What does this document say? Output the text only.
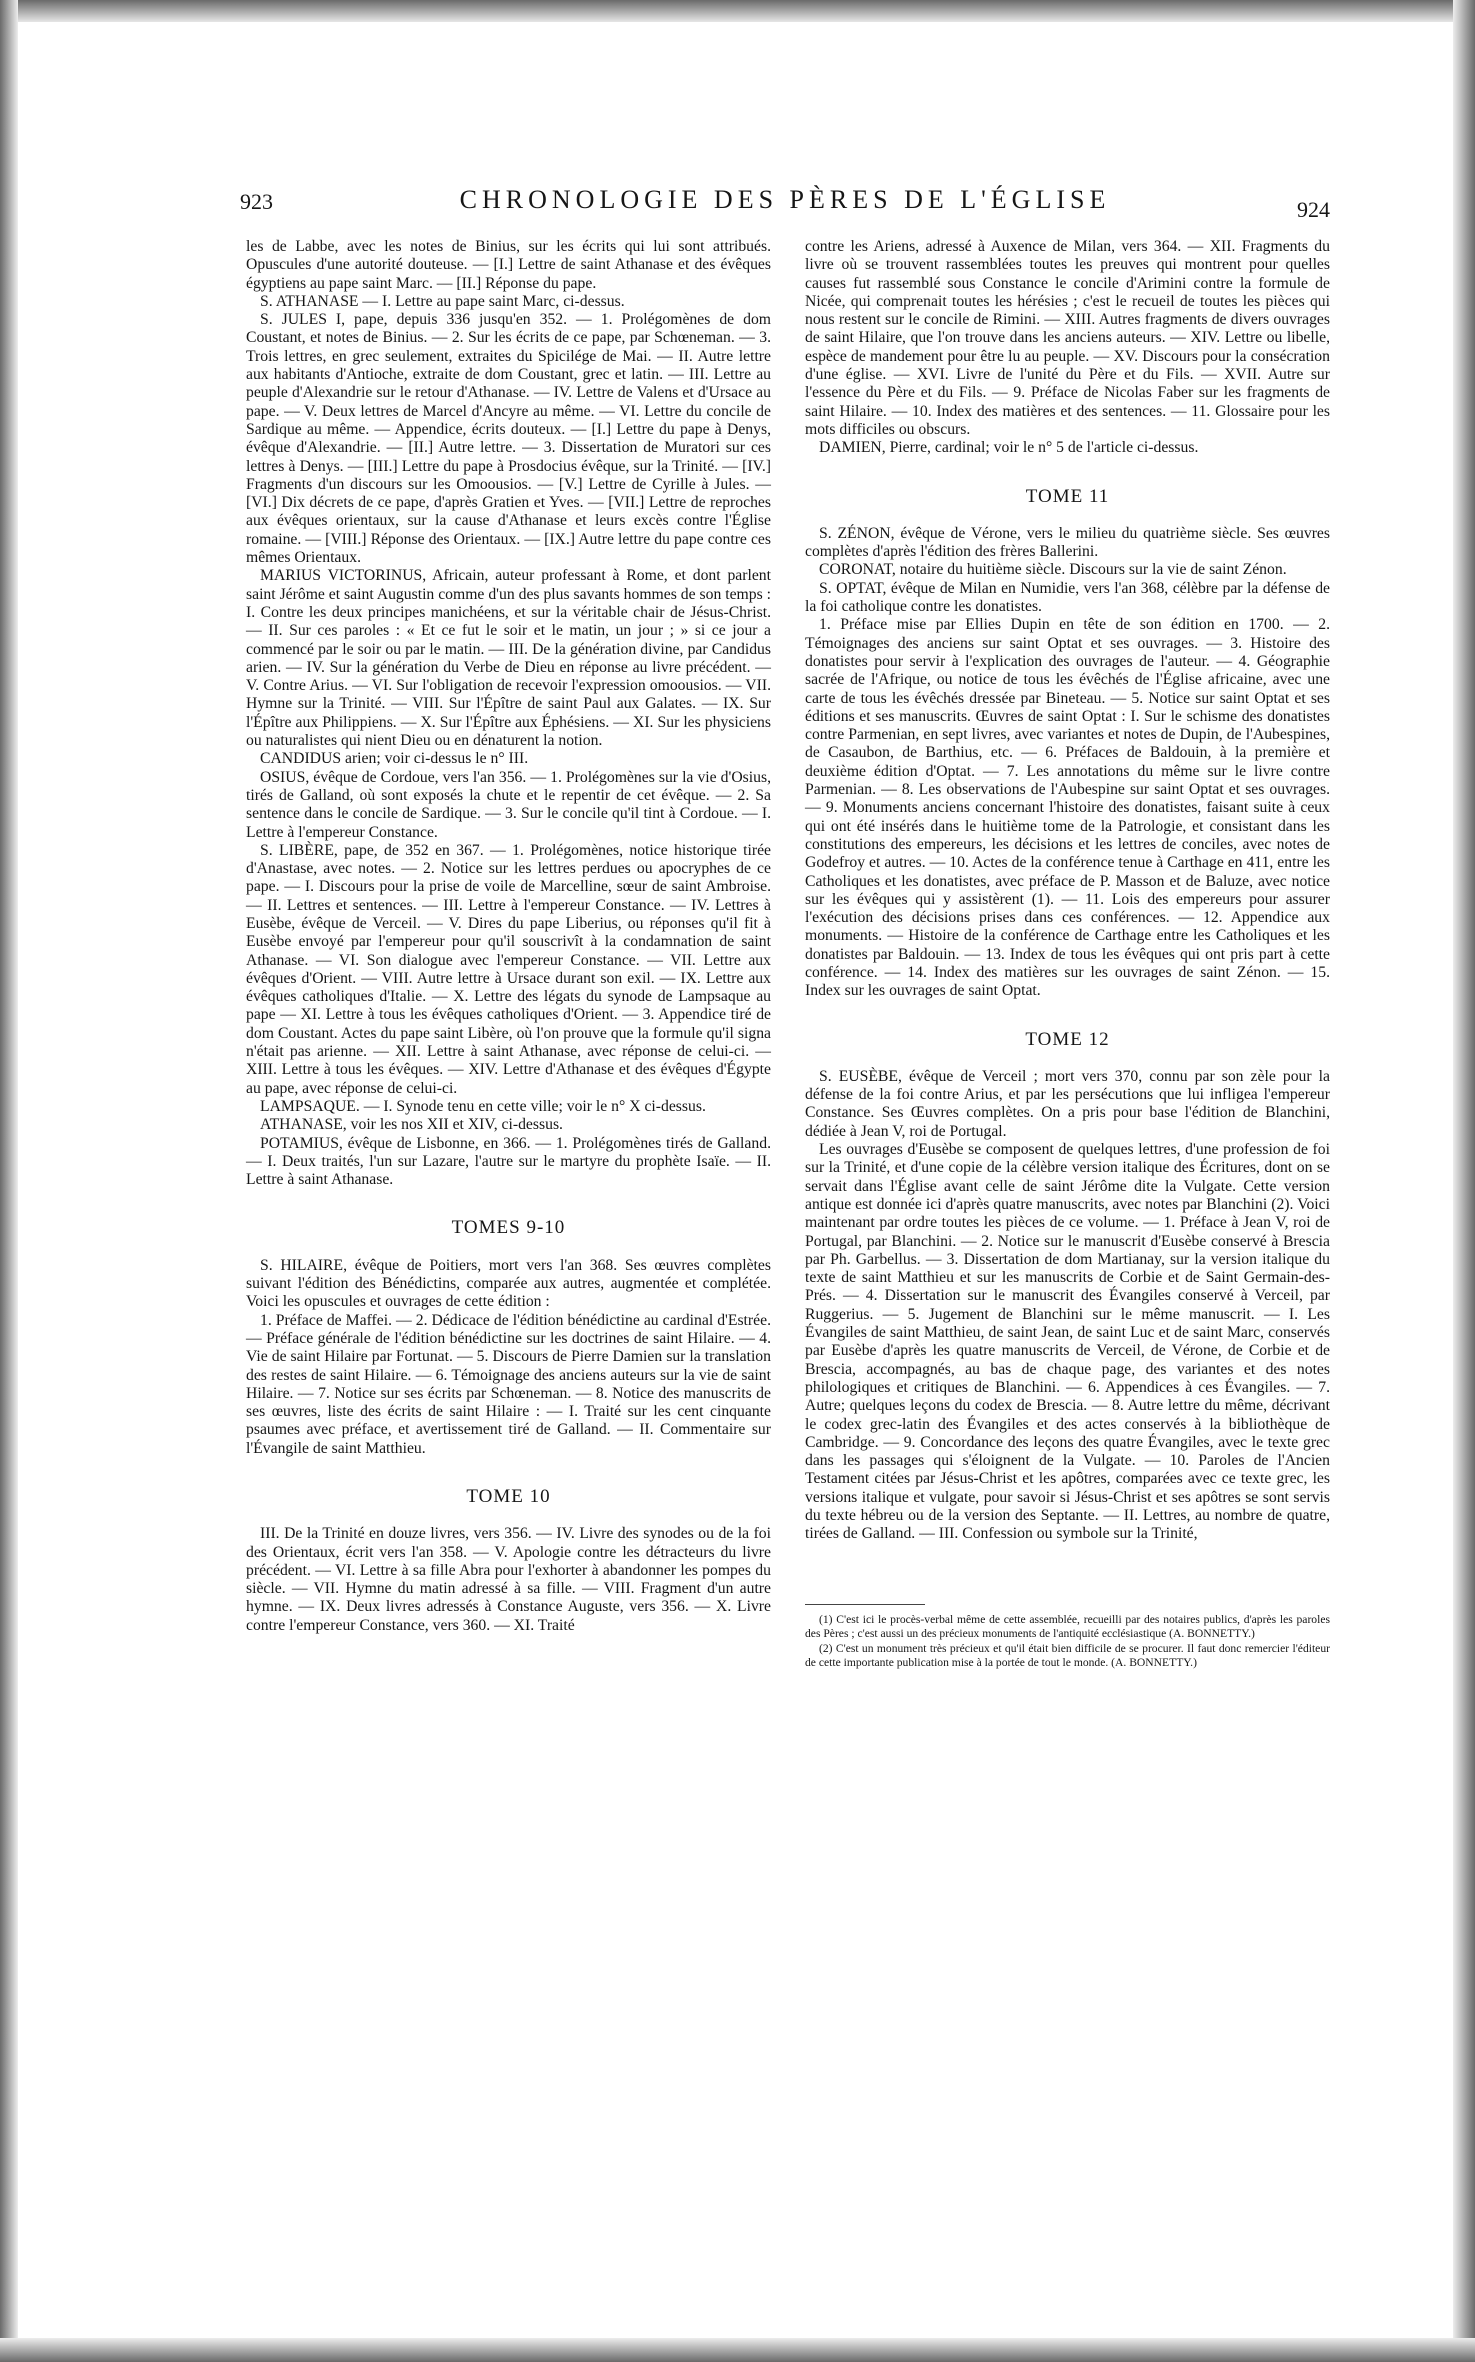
923	CHRONOLOGIE DES PÈRES DE L'ÉGLISE	924

les de Labbe, avec les notes de Binius, sur les écrits qui lui sont attribués. Opuscules d'une autorité douteuse. — [I.] Lettre de saint Athanase et des évêques égyptiens au pape saint Marc. — [II.] Réponse du pape.

S. ATHANASE — I. Lettre au pape saint Marc, ci-dessus.

S. JULES I, pape, depuis 336 jusqu'en 352. — 1. Prolégomènes de dom Coustant, et notes de Binius. — 2. Sur les écrits de ce pape, par Schœneman. — 3. Trois lettres, en grec seulement, extraites du Spicilége de Mai. — II. Autre lettre aux habitants d'Antioche, extraite de dom Coustant, grec et latin. — III. Lettre au peuple d'Alexandrie sur le retour d'Athanase. — IV. Lettre de Valens et d'Ursace au pape. — V. Deux lettres de Marcel d'Ancyre au même. — VI. Lettre du concile de Sardique au même. — Appendice, écrits douteux. — [I.] Lettre du pape à Denys, évêque d'Alexandrie. — [II.] Autre lettre. — 3. Dissertation de Muratori sur ces lettres à Denys. — [III.] Lettre du pape à Prosdocius évêque, sur la Trinité. — [IV.] Fragments d'un discours sur les Omoousios. — [V.] Lettre de Cyrille à Jules. — [VI.] Dix décrets de ce pape, d'après Gratien et Yves. — [VII.] Lettre de reproches aux évêques orientaux, sur la cause d'Athanase et leurs excès contre l'Église romaine. — [VIII.] Réponse des Orientaux. — [IX.] Autre lettre du pape contre ces mêmes Orientaux.

MARIUS VICTORINUS, Africain, auteur professant à Rome, et dont parlent saint Jérôme et saint Augustin comme d'un des plus savants hommes de son temps : I. Contre les deux principes manichéens, et sur la véritable chair de Jésus-Christ. — II. Sur ces paroles : « Et ce fut le soir et le matin, un jour ; » si ce jour a commencé par le soir ou par le matin. — III. De la génération divine, par Candidus arien. — IV. Sur la génération du Verbe de Dieu en réponse au livre précédent. — V. Contre Arius. — VI. Sur l'obligation de recevoir l'expression omoousios. — VII. Hymne sur la Trinité. — VIII. Sur l'Épître de saint Paul aux Galates. — IX. Sur l'Épître aux Philippiens. — X. Sur l'Épître aux Éphésiens. — XI. Sur les physiciens ou naturalistes qui nient Dieu ou en dénaturent la notion.

CANDIDUS arien; voir ci-dessus le n° III.

OSIUS, évêque de Cordoue, vers l'an 356. — 1. Prolégomènes sur la vie d'Osius, tirés de Galland, où sont exposés la chute et le repentir de cet évêque. — 2. Sa sentence dans le concile de Sardique. — 3. Sur le concile qu'il tint à Cordoue. — I. Lettre à l'empereur Constance.

S. LIBÈRE, pape, de 352 en 367. — 1. Prolégomènes, notice historique tirée d'Anastase, avec notes. — 2. Notice sur les lettres perdues ou apocryphes de ce pape. — I. Discours pour la prise de voile de Marcelline, sœur de saint Ambroise. — II. Lettres et sentences. — III. Lettre à l'empereur Constance. — IV. Lettres à Eusèbe, évêque de Verceil. — V. Dires du pape Liberius, ou réponses qu'il fit à Eusèbe envoyé par l'empereur pour qu'il souscrivît à la condamnation de saint Athanase. — VI. Son dialogue avec l'empereur Constance. — VII. Lettre aux évêques d'Orient. — VIII. Autre lettre à Ursace durant son exil. — IX. Lettre aux évêques catholiques d'Italie. — X. Lettre des légats du synode de Lampsaque au pape — XI. Lettre à tous les évêques catholiques d'Orient. — 3. Appendice tiré de dom Coustant. Actes du pape saint Libère, où l'on prouve que la formule qu'il signa n'était pas arienne. — XII. Lettre à saint Athanase, avec réponse de celui-ci. — XIII. Lettre à tous les évêques. — XIV. Lettre d'Athanase et des évêques d'Égypte au pape, avec réponse de celui-ci.

LAMPSAQUE. — I. Synode tenu en cette ville; voir le n° X ci-dessus.

ATHANASE, voir les nos XII et XIV, ci-dessus.

POTAMIUS, évêque de Lisbonne, en 366. — 1. Prolégomènes tirés de Galland. — I. Deux traités, l'un sur Lazare, l'autre sur le martyre du prophète Isaïe. — II. Lettre à saint Athanase.

TOMES 9-10

S. HILAIRE, évêque de Poitiers, mort vers l'an 368. Ses œuvres complètes suivant l'édition des Bénédictins, comparée aux autres, augmentée et complétée. Voici les opuscules et ouvrages de cette édition :

1. Préface de Maffei. — 2. Dédicace de l'édition bénédictine au cardinal d'Estrée. — Préface générale de l'édition bénédictine sur les doctrines de saint Hilaire. — 4. Vie de saint Hilaire par Fortunat. — 5. Discours de Pierre Damien sur la translation des restes de saint Hilaire. — 6. Témoignage des anciens auteurs sur la vie de saint Hilaire. — 7. Notice sur ses écrits par Schœneman. — 8. Notice des manuscrits de ses œuvres, liste des écrits de saint Hilaire : — I. Traité sur les cent cinquante psaumes avec préface, et avertissement tiré de Galland. — II. Commentaire sur l'Évangile de saint Matthieu.

TOME 10

III. De la Trinité en douze livres, vers 356. — IV. Livre des synodes ou de la foi des Orientaux, écrit vers l'an 358. — V. Apologie contre les détracteurs du livre précédent. — VI. Lettre à sa fille Abra pour l'exhorter à abandonner les pompes du siècle. — VII. Hymne du matin adressé à sa fille. — VIII. Fragment d'un autre hymne. — IX. Deux livres adressés à Constance Auguste, vers 356. — X. Livre contre l'empereur Constance, vers 360. — XI. Traité

contre les Ariens, adressé à Auxence de Milan, vers 364. — XII. Fragments du livre où se trouvent rassemblées toutes les preuves qui montrent pour quelles causes fut rassemblé sous Constance le concile d'Arimini contre la formule de Nicée, qui comprenait toutes les hérésies ; c'est le recueil de toutes les pièces qui nous restent sur le concile de Rimini. — XIII. Autres fragments de divers ouvrages de saint Hilaire, que l'on trouve dans les anciens auteurs. — XIV. Lettre ou libelle, espèce de mandement pour être lu au peuple. — XV. Discours pour la consécration d'une église. — XVI. Livre de l'unité du Père et du Fils. — XVII. Autre sur l'essence du Père et du Fils. — 9. Préface de Nicolas Faber sur les fragments de saint Hilaire. — 10. Index des matières et des sentences. — 11. Glossaire pour les mots difficiles ou obscurs.

DAMIEN, Pierre, cardinal; voir le n° 5 de l'article ci-dessus.

TOME 11

S. ZÉNON, évêque de Vérone, vers le milieu du quatrième siècle. Ses œuvres complètes d'après l'édition des frères Ballerini.

CORONAT, notaire du huitième siècle. Discours sur la vie de saint Zénon.

S. OPTAT, évêque de Milan en Numidie, vers l'an 368, célèbre par la défense de la foi catholique contre les donatistes.

1. Préface mise par Ellies Dupin en tête de son édition en 1700. — 2. Témoignages des anciens sur saint Optat et ses ouvrages. — 3. Histoire des donatistes pour servir à l'explication des ouvrages de l'auteur. — 4. Géographie sacrée de l'Afrique, ou notice de tous les évêchés de l'Église africaine, avec une carte de tous les évêchés dressée par Bineteau. — 5. Notice sur saint Optat et ses éditions et ses manuscrits. Œuvres de saint Optat : I. Sur le schisme des donatistes contre Parmenian, en sept livres, avec variantes et notes de Dupin, de l'Aubespines, de Casaubon, de Barthius, etc. — 6. Préfaces de Baldouin, à la première et deuxième édition d'Optat. — 7. Les annotations du même sur le livre contre Parmenian. — 8. Les observations de l'Aubespine sur saint Optat et ses ouvrages. — 9. Monuments anciens concernant l'histoire des donatistes, faisant suite à ceux qui ont été insérés dans le huitième tome de la Patrologie, et consistant dans les constitutions des empereurs, les décisions et les lettres de conciles, avec notes de Godefroy et autres. — 10. Actes de la conférence tenue à Carthage en 411, entre les Catholiques et les donatistes, avec préface de P. Masson et de Baluze, avec notice sur les évêques qui y assistèrent (1). — 11. Lois des empereurs pour assurer l'exécution des décisions prises dans ces conférences. — 12. Appendice aux monuments. — Histoire de la conférence de Carthage entre les Catholiques et les donatistes par Baldouin. — 13. Index de tous les évêques qui ont pris part à cette conférence. — 14. Index des matières sur les ouvrages de saint Zénon. — 15. Index sur les ouvrages de saint Optat.

TOME 12

S. EUSÈBE, évêque de Verceil ; mort vers 370, connu par son zèle pour la défense de la foi contre Arius, et par les persécutions que lui infligea l'empereur Constance. Ses Œuvres complètes. On a pris pour base l'édition de Blanchini, dédiée à Jean V, roi de Portugal.

Les ouvrages d'Eusèbe se composent de quelques lettres, d'une profession de foi sur la Trinité, et d'une copie de la célèbre version italique des Écritures, dont on se servait dans l'Église avant celle de saint Jérôme dite la Vulgate. Cette version antique est donnée ici d'après quatre manuscrits, avec notes par Blanchini (2). Voici maintenant par ordre toutes les pièces de ce volume. — 1. Préface à Jean V, roi de Portugal, par Blanchini. — 2. Notice sur le manuscrit d'Eusèbe conservé à Brescia par Ph. Garbellus. — 3. Dissertation de dom Martianay, sur la version italique du texte de saint Matthieu et sur les manuscrits de Corbie et de Saint Germain-des-Prés. — 4. Dissertation sur le manuscrit des Évangiles conservé à Verceil, par Ruggerius. — 5. Jugement de Blanchini sur le même manuscrit. — I. Les Évangiles de saint Matthieu, de saint Jean, de saint Luc et de saint Marc, conservés par Eusèbe d'après les quatre manuscrits de Verceil, de Vérone, de Corbie et de Brescia, accompagnés, au bas de chaque page, des variantes et des notes philologiques et critiques de Blanchini. — 6. Appendices à ces Évangiles. — 7. Autre; quelques leçons du codex de Brescia. — 8. Autre lettre du même, décrivant le codex grec-latin des Évangiles et des actes conservés à la bibliothèque de Cambridge. — 9. Concordance des leçons des quatre Évangiles, avec le texte grec dans les passages qui s'éloignent de la Vulgate. — 10. Paroles de l'Ancien Testament citées par Jésus-Christ et les apôtres, comparées avec ce texte grec, les versions italique et vulgate, pour savoir si Jésus-Christ et ses apôtres se sont servis du texte hébreu ou de la version des Septante. — II. Lettres, au nombre de quatre, tirées de Galland. — III. Confession ou symbole sur la Trinité,

(1) C'est ici le procès-verbal même de cette assemblée, recueilli par des notaires publics, d'après les paroles des Pères ; c'est aussi un des précieux monuments de l'antiquité ecclésiastique (A. BONNETTY.)

(2) C'est un monument très précieux et qu'il était bien difficile de se procurer. Il faut donc remercier l'éditeur de cette importante publication mise à la portée de tout le monde. (A. BONNETTY.)
